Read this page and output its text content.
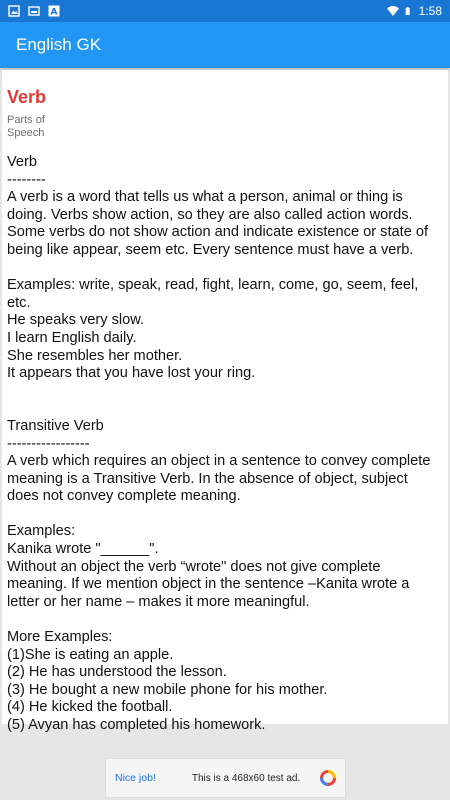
A	1:58
English GK
Verb
Parts of Speech
Verb
--------
A verb is a word that tells us what a person, animal or thing is doing. Verbs show action, so they are also called action words. Some verbs do not show action and indicate existence or state of being like appear, seem etc. Every sentence must have a verb.

Examples: write, speak, read, fight, learn, come, go, seem, feel, etc.
He speaks very slow.
I learn English daily.
She resembles her mother.
It appears that you have lost your ring.

Transitive Verb
-----------------
A verb which requires an object in a sentence to convey complete meaning is a Transitive Verb. In the absence of object, subject does not convey complete meaning.

Examples:
Kanika wrote "______".
Without an object the verb “wrote" does not give complete meaning. If we mention object in the sentence –Kanita wrote a letter or her name – makes it more meaningful.

More Examples:
(1)She is eating an apple.
(2) He has understood the lesson.
(3) He bought a new mobile phone for his mother.
(4) He kicked the football.
(5) Avyan has completed his homework.
Nice job!	This is a 468x60 test ad.
